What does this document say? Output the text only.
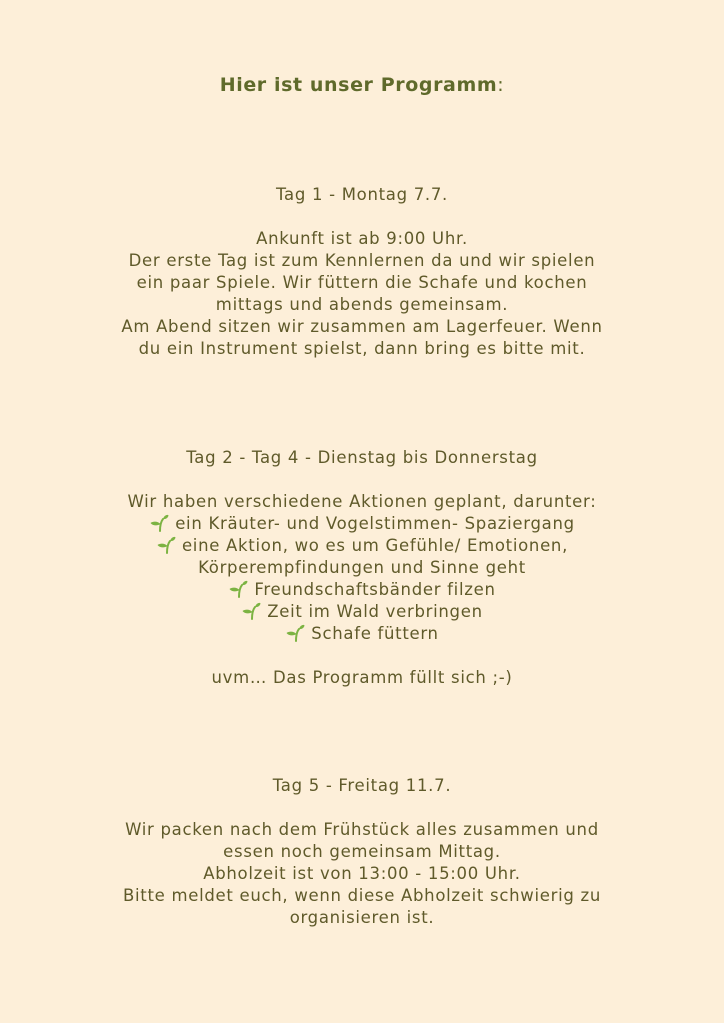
Hier ist unser Programm:
Tag 1 - Montag 7.7.
Ankunft ist ab 9:00 Uhr.
Der erste Tag ist zum Kennlernen da und wir spielen
ein paar Spiele. Wir füttern die Schafe und kochen
mittags und abends gemeinsam.
Am Abend sitzen wir zusammen am Lagerfeuer. Wenn
du ein Instrument spielst, dann bring es bitte mit.
Tag 2 - Tag 4 - Dienstag bis Donnerstag
Wir haben verschiedene Aktionen geplant, darunter:
ein Kräuter- und Vogelstimmen- Spaziergang
eine Aktion, wo es um Gefühle/ Emotionen,
Körperempfindungen und Sinne geht
Freundschaftsbänder filzen
Zeit im Wald verbringen
Schafe füttern
uvm… Das Programm füllt sich ;-)
Tag 5 - Freitag 11.7.
Wir packen nach dem Frühstück alles zusammen und
essen noch gemeinsam Mittag.
Abholzeit ist von 13:00 - 15:00 Uhr.
Bitte meldet euch, wenn diese Abholzeit schwierig zu
organisieren ist.
